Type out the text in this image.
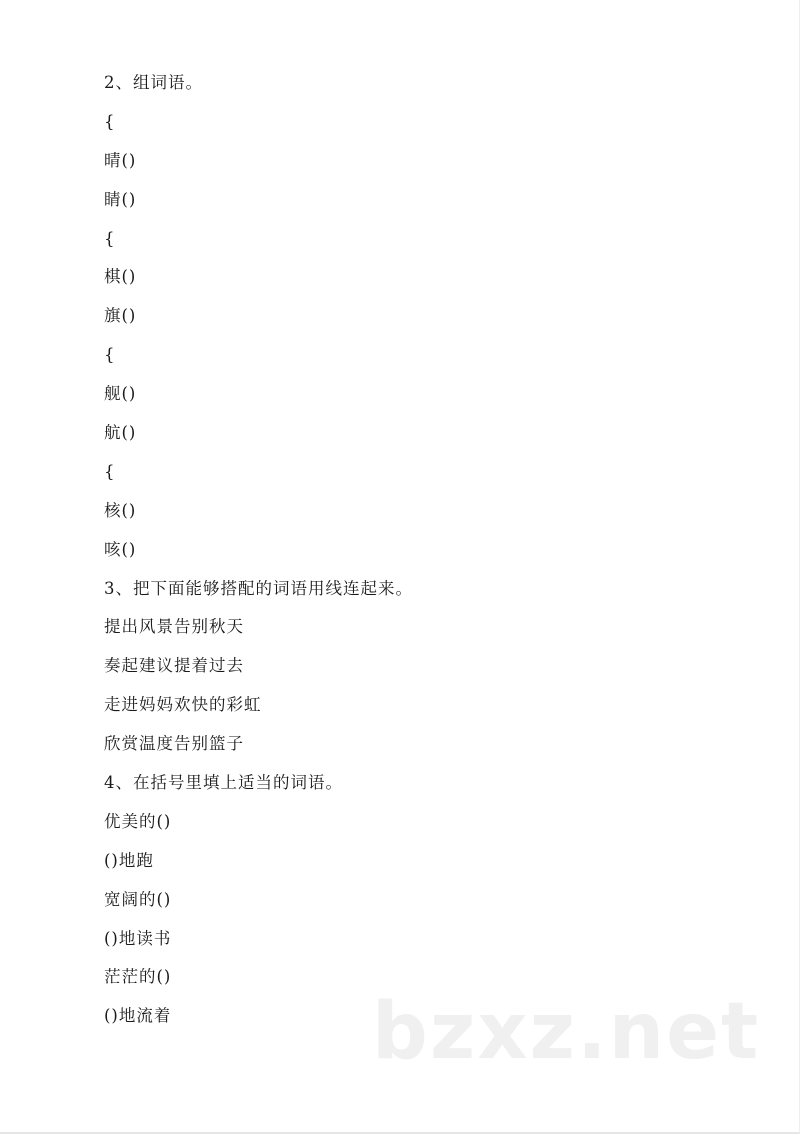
2、组词语。
{
晴()
睛()
{
棋()
旗()
{
舰()
航()
{
核()
咳()
3、把下面能够搭配的词语用线连起来。
提出风景告别秋天
奏起建议提着过去
走进妈妈欢快的彩虹
欣赏温度告别篮子
4、在括号里填上适当的词语。
优美的()
()地跑
宽阔的()
()地读书
茫茫的()
()地流着	bzxz.net
